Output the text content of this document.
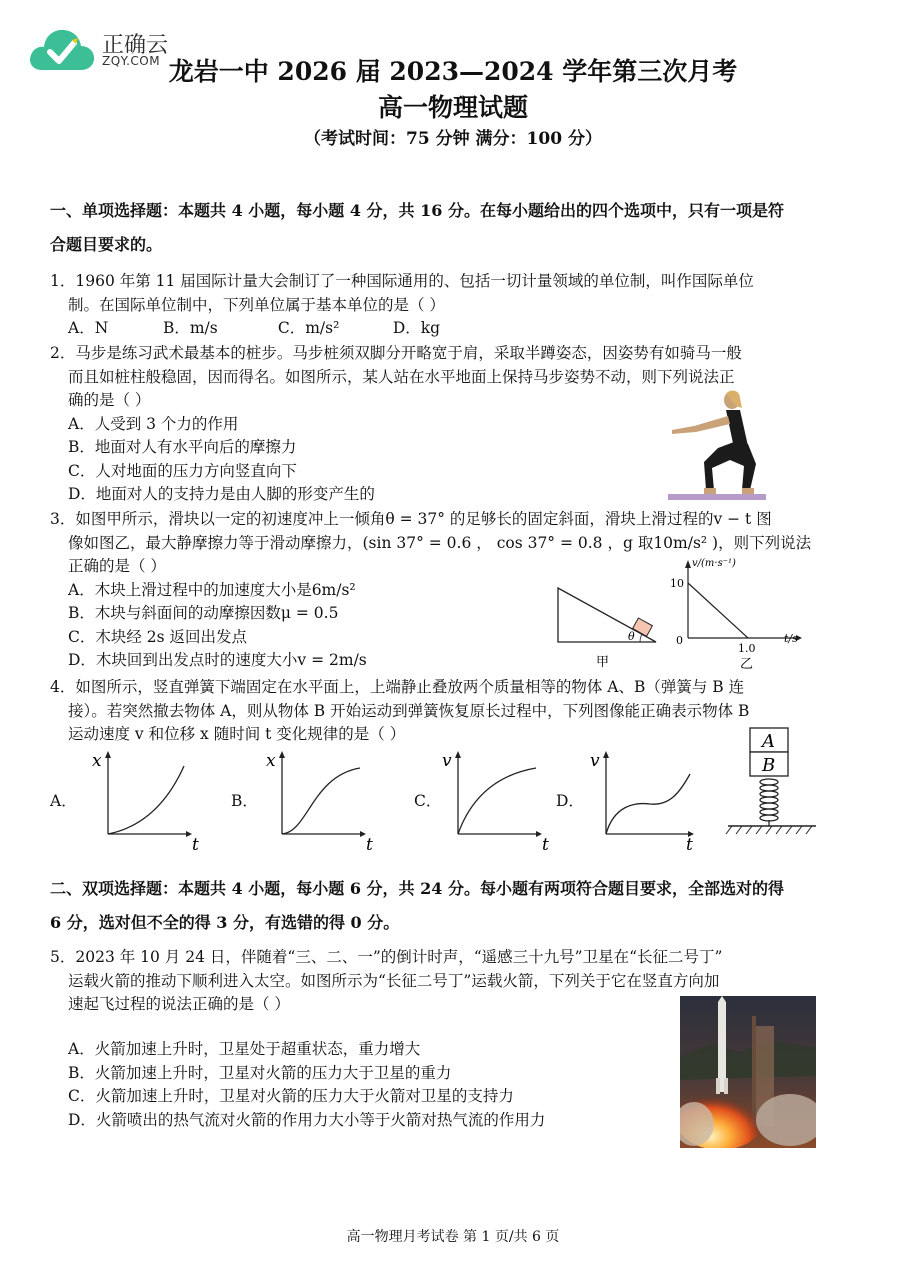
正确云
ZQY.COM 龙岩一中 2026 届 2023—2024 学年第三次月考
高一物理试题
（考试时间：75 分钟 满分：100 分）
一、单项选择题：本题共 4 小题，每小题 4 分，共 16 分。在每小题给出的四个选项中，只有一项是符
合题目要求的。
1．1960 年第 11 届国际计量大会制订了一种国际通用的、包括一切计量领域的单位制，叫作国际单位
制。在国际单位制中，下列单位属于基本单位的是（ ）
A．N	B．m/s	C．m/s²	D．kg
2．马步是练习武术最基本的桩步。马步桩须双脚分开略宽于肩，采取半蹲姿态，因姿势有如骑马一般
而且如桩柱般稳固，因而得名。如图所示，某人站在水平地面上保持马步姿势不动，则下列说法正
确的是（ ）
A．人受到 3 个力的作用
B．地面对人有水平向后的摩擦力
C．人对地面的压力方向竖直向下
D．地面对人的支持力是由人脚的形变产生的
3．如图甲所示，滑块以一定的初速度冲上一倾角θ = 37° 的足够长的固定斜面，滑块上滑过程的v − t 图
像如图乙，最大静摩擦力等于滑动摩擦力，(sin 37° = 0.6 ， cos 37° = 0.8 ，g 取10m/s² )，则下列说法
正确的是（ ）
A．木块上滑过程中的加速度大小是6m/s²
B．木块与斜面间的动摩擦因数μ = 0.5
C．木块经 2s 返回出发点
D．木块回到出发点时的速度大小v = 2m/s
θ
甲
v/(m·s⁻¹)
10
0
1.0
t/s
乙
4．如图所示，竖直弹簧下端固定在水平面上，上端静止叠放两个质量相等的物体 A、B（弹簧与 B 连
接）。若突然撤去物体 A，则从物体 B 开始运动到弹簧恢复原长过程中，下列图像能正确表示物体 B
运动速度 v 和位移 x 随时间 t 变化规律的是（ ）
A．
x
t
B．
x
t
C．
v
t
D．
v
t
A
B
二、双项选择题：本题共 4 小题，每小题 6 分，共 24 分。每小题有两项符合题目要求，全部选对的得
6 分，选对但不全的得 3 分，有选错的得 0 分。
5．2023 年 10 月 24 日，伴随着“三、二、一”的倒计时声，“遥感三十九号”卫星在“长征二号丁”
运载火箭的推动下顺利进入太空。如图所示为“长征二号丁”运载火箭，下列关于它在竖直方向加
速起飞过程的说法正确的是（ ）
A．火箭加速上升时，卫星处于超重状态，重力增大
B．火箭加速上升时，卫星对火箭的压力大于卫星的重力
C．火箭加速上升时，卫星对火箭的压力大于火箭对卫星的支持力
D．火箭喷出的热气流对火箭的作用力大小等于火箭对热气流的作用力
高一物理月考试卷 第 1 页/共 6 页
